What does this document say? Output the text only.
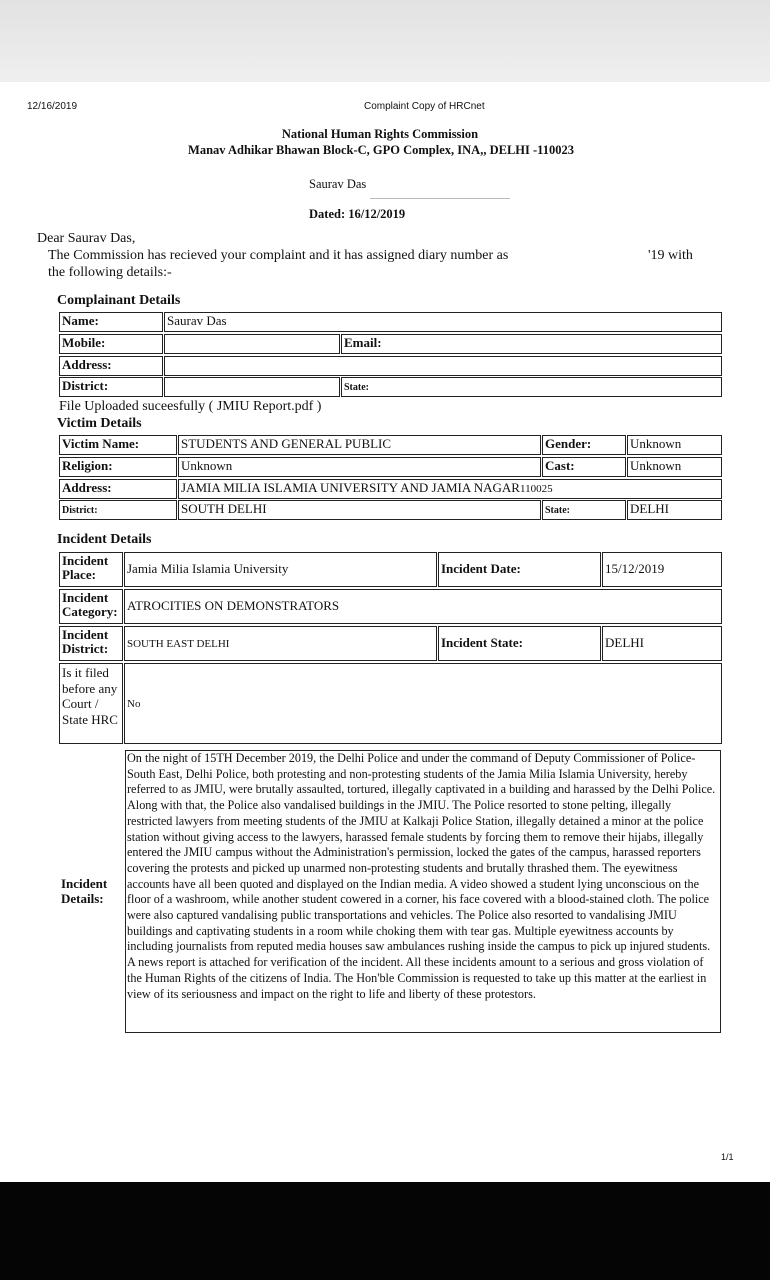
12/16/2019	Complaint Copy of HRCnet
National Human Rights Commission
Manav Adhikar Bhawan Block-C, GPO Complex, INA,, DELHI -110023
Saurav Das
Dated: 16/12/2019
Dear Saurav Das,
The Commission has recieved your complaint and it has assigned diary number as	'19 with
the following details:-
Complainant Details
Name:	Saurav Das
Mobile:	Email:
Address:
District:	State:
File Uploaded suceesfully ( JMIU Report.pdf )
Victim Details
Victim Name:	STUDENTS AND GENERAL PUBLIC	Gender:	Unknown
Religion:	Unknown	Cast:	Unknown
Address:	JAMIA MILIA ISLAMIA UNIVERSITY AND JAMIA NAGAR110025
District:	SOUTH DELHI	State:	DELHI
Incident Details
Incident Place:	Jamia Milia Islamia University	Incident Date:	15/12/2019
Incident Category: ATROCITIES ON DEMONSTRATORS
Incident District:	SOUTH EAST DELHI	Incident State:	DELHI
Is it filed before any Court / State HRC
No
Incident Details:
On the night of 15TH December 2019, the Delhi Police and under the command of Deputy Commissioner of Police- South East, Delhi Police, both protesting and non-protesting students of the Jamia Milia Islamia University, hereby referred to as JMIU, were brutally assaulted, tortured, illegally captivated in a building and harassed by the Delhi Police. Along with that, the Police also vandalised buildings in the JMIU. The Police resorted to stone pelting, illegally restricted lawyers from meeting students of the JMIU at Kalkaji Police Station, illegally detained a minor at the police station without giving access to the lawyers, harassed female students by forcing them to remove their hijabs, illegally entered the JMIU campus without the Administration's permission, locked the gates of the campus, harassed reporters covering the protests and picked up unarmed non-protesting students and brutally thrashed them. The eyewitness accounts have all been quoted and displayed on the Indian media. A video showed a student lying unconscious on the floor of a washroom, while another student cowered in a corner, his face covered with a blood-stained cloth. The police were also captured vandalising public transportations and vehicles. The Police also resorted to vandalising JMIU buildings and captivating students in a room while choking them with tear gas. Multiple eyewitness accounts by including journalists from reputed media houses saw ambulances rushing inside the campus to pick up injured students. A news report is attached for verification of the incident. All these incidents amount to a serious and gross violation of the Human Rights of the citizens of India. The Hon'ble Commission is requested to take up this matter at the earliest in view of its seriousness and impact on the right to life and liberty of these protestors.
1/1
